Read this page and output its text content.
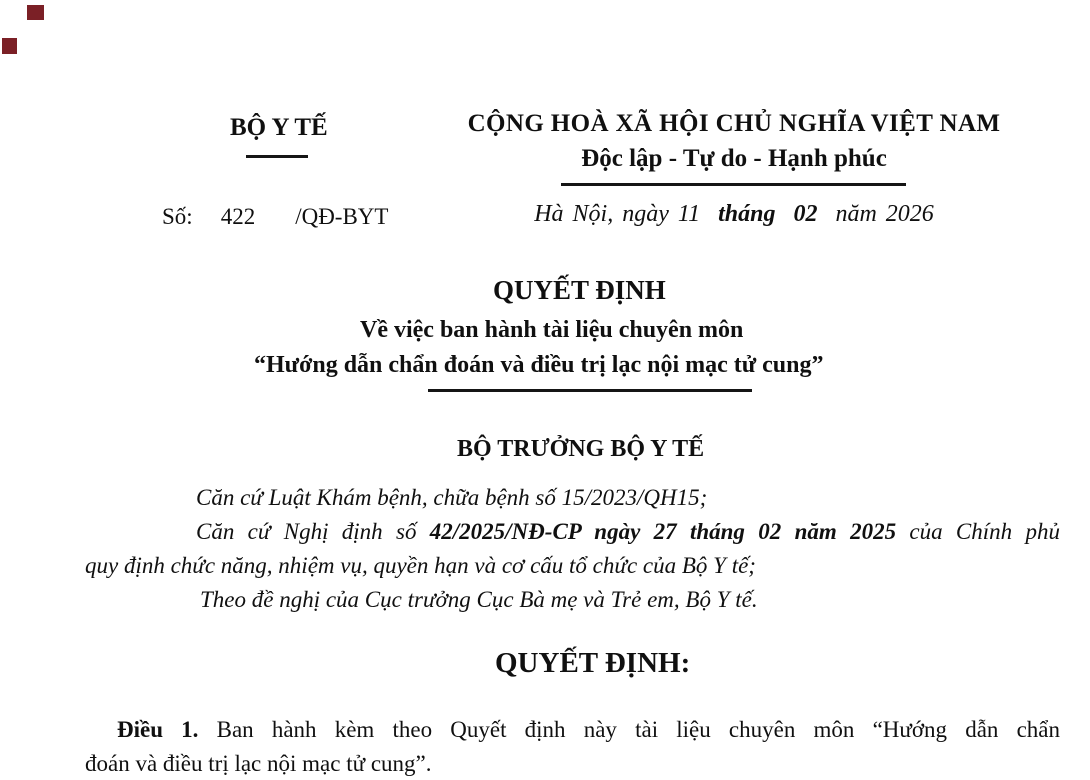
BỘ Y TẾ
Số: 422 /QĐ-BYT
CỘNG HOÀ XÃ HỘI CHỦ NGHĨA VIỆT NAM
Độc lập - Tự do - Hạnh phúc
Hà Nội, ngày 11  tháng  02  năm 2026
QUYẾT ĐỊNH
Về việc ban hành tài liệu chuyên môn
“Hướng dẫn chẩn đoán và điều trị lạc nội mạc tử cung”
BỘ TRƯỞNG BỘ Y TẾ
Căn cứ Luật Khám bệnh, chữa bệnh số 15/2023/QH15;
Căn cứ Nghị định số 42/2025/NĐ-CP ngày 27 tháng 02 năm 2025 của Chính phủ
quy định chức năng, nhiệm vụ, quyền hạn và cơ cấu tổ chức của Bộ Y tế;
Theo đề nghị của Cục trưởng Cục Bà mẹ và Trẻ em, Bộ Y tế.
QUYẾT ĐỊNH:
Điều 1. Ban hành kèm theo Quyết định này tài liệu chuyên môn “Hướng dẫn chẩn
đoán và điều trị lạc nội mạc tử cung”.
